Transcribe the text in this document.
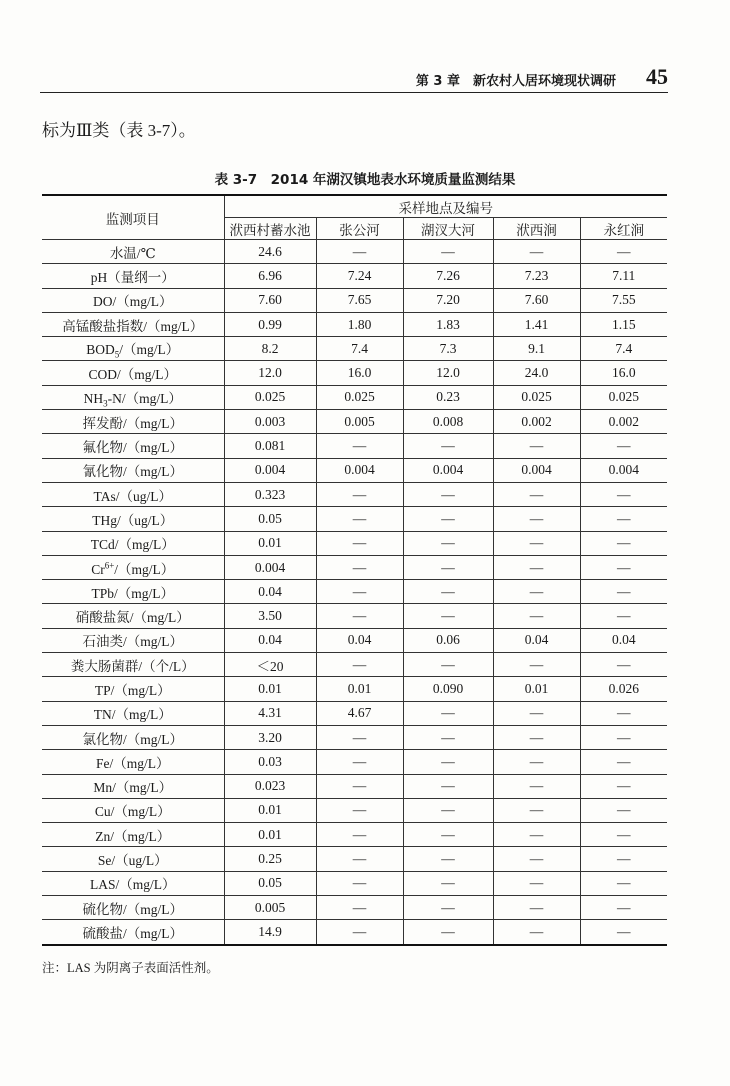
第 3 章　新农村人居环境现状调研 45
标为Ⅲ类（表 3-7）。
表 3-7　2014 年湖汉镇地表水环境质量监测结果
监测项目	采样地点及编号				
	洑西村蓄水池	张公河	湖汊大河	洑西涧	永红涧
水温/℃	24.6	—	—	—	—
pH（量纲一）	6.96	7.24	7.26	7.23	7.11
DO/（mg/L）	7.60	7.65	7.20	7.60	7.55
高锰酸盐指数/（mg/L）	0.99	1.80	1.83	1.41	1.15
$BOD_5/(mg/L)$	8.2	7.4	7.3	9.1	7.4
COD/（mg/L）	12.0	16.0	12.0	24.0	16.0
$NH_3-N/(mg/L)$	0.025	0.025	0.23	0.025	0.025
挥发酚/（mg/L）	0.003	0.005	0.008	0.002	0.002
氟化物/（mg/L）	0.081	—	—	—	—
氰化物/（mg/L）	0.004	0.004	0.004	0.004	0.004
TAs/（ug/L）	0.323	—	—	—	—
THg/（ug/L）	0.05	—	—	—	—
TCd/（mg/L）	0.01	—	—	—	—
$Cr^{6+}/(mg/L)$	0.004	—	—	—	—
TPb/（mg/L）	0.04	—	—	—	—
硝酸盐氮/（mg/L）	3.50	—	—	—	—
石油类/（mg/L）	0.04	0.04	0.06	0.04	0.04
粪大肠菌群/（个/L）	＜20	—	—	—	—
TP/（mg/L）	0.01	0.01	0.090	0.01	0.026
TN/（mg/L）	4.31	4.67	—	—	—
氯化物/（mg/L）	3.20	—	—	—	—
Fe/（mg/L）	0.03	—	—	—	—
Mn/（mg/L）	0.023	—	—	—	—
Cu/（mg/L）	0.01	—	—	—	—
Zn/（mg/L）	0.01	—	—	—	—
Se/（ug/L）	0.25	—	—	—	—
LAS/（mg/L）	0.05	—	—	—	—
硫化物/（mg/L）	0.005	—	—	—	—
硫酸盐/（mg/L）	14.9	—	—	—	—
注：LAS 为阴离子表面活性剂。
